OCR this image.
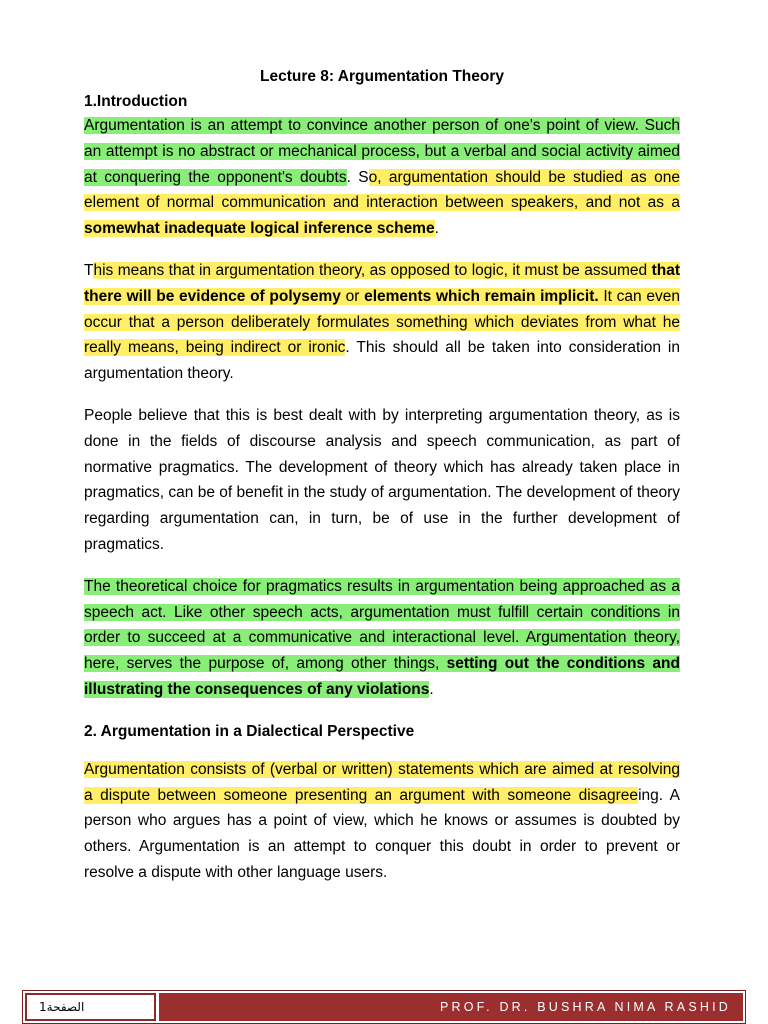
Lecture 8: Argumentation Theory
1.Introduction

Argumentation is an attempt to convince another person of one's point of view. Such an attempt is no abstract or mechanical process, but a verbal and social activity aimed at conquering the opponent's doubts. So, argumentation should be studied as one element of normal communication and interaction between speakers, and not as a somewhat inadequate logical inference scheme.

This means that in argumentation theory, as opposed to logic, it must be assumed that there will be evidence of polysemy or elements which remain implicit. It can even occur that a person deliberately formulates something which deviates from what he really means, being indirect or ironic. This should all be taken into consideration in argumentation theory.

People believe that this is best dealt with by interpreting argumentation theory, as is done in the fields of discourse analysis and speech communication, as part of normative pragmatics. The development of theory which has already taken place in pragmatics, can be of benefit in the study of argumentation. The development of theory regarding argumentation can, in turn, be of use in the further development of pragmatics.

The theoretical choice for pragmatics results in argumentation being approached as a speech act. Like other speech acts, argumentation must fulfill certain conditions in order to succeed at a communicative and interactional level. Argumentation theory, here, serves the purpose of, among other things, setting out the conditions and illustrating the consequences of any violations.

2. Argumentation in a Dialectical Perspective

Argumentation consists of (verbal or written) statements which are aimed at resolving a dispute between someone presenting an argument with someone disagreeing. A person who argues has a point of view, which he knows or assumes is doubted by others. Argumentation is an attempt to conquer this doubt in order to prevent or resolve a dispute with other language users.

الصفحة1	PROF. DR. BUSHRA NIMA RASHID
